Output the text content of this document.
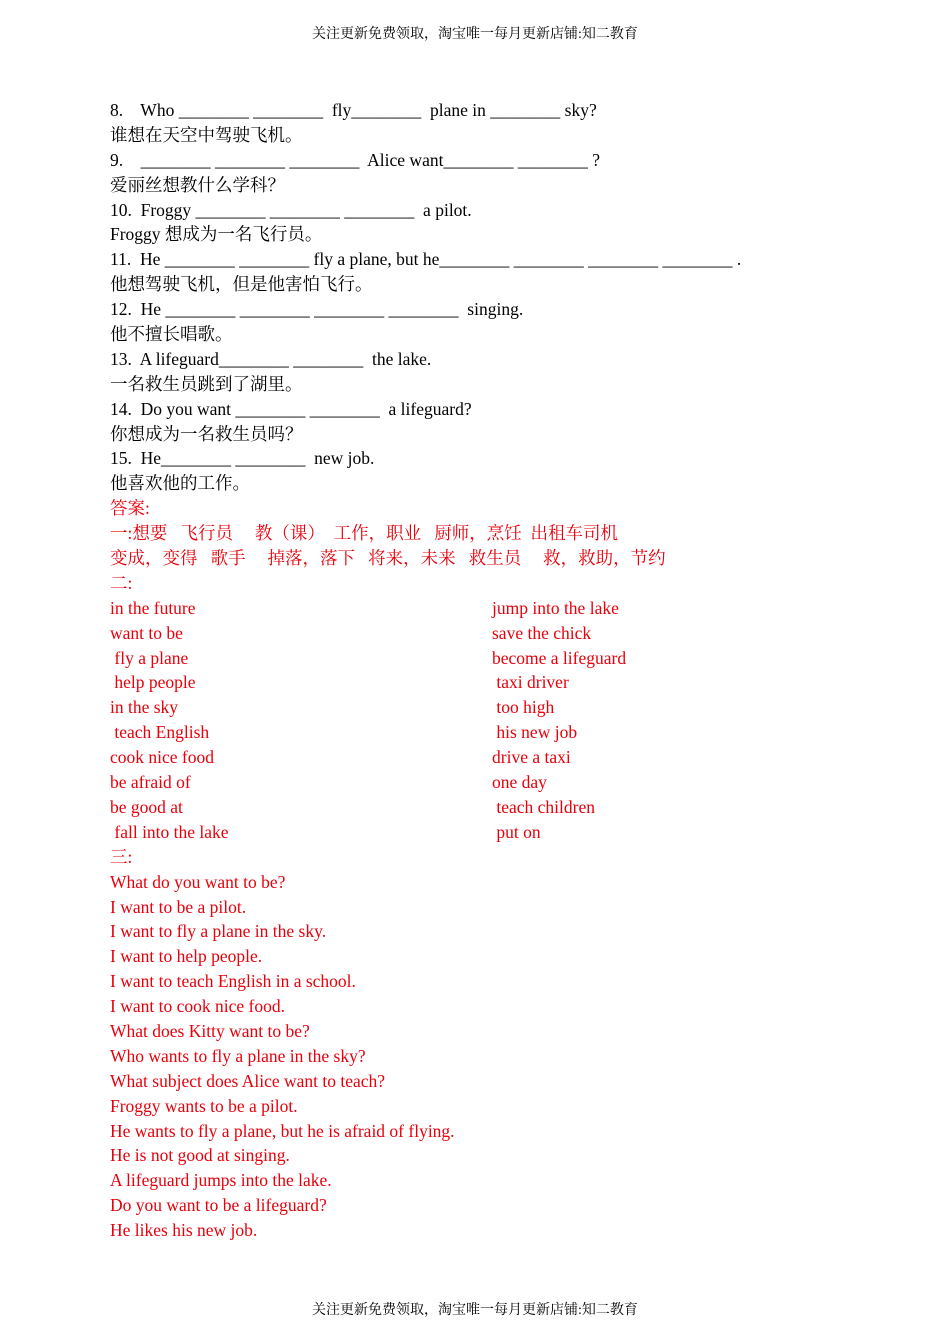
关注更新免费领取，淘宝唯一每月更新店铺:知二教育
8.    Who ________ ________  fly________  plane in ________ sky?
谁想在天空中驾驶飞机。
9.    ________ ________ ________  Alice want________ ________ ?
爱丽丝想教什么学科？
10.  Froggy ________ ________ ________  a pilot.
Froggy 想成为一名飞行员。
11.  He ________ ________ fly a plane, but he________ ________ ________ ________ .
他想驾驶飞机，但是他害怕飞行。
12.  He ________ ________ ________ ________  singing.
他不擅长唱歌。
13.  A lifeguard________ ________  the lake.
一名救生员跳到了湖里。
14.  Do you want ________ ________  a lifeguard?
你想成为一名救生员吗？
15.  He________ ________  new job.
他喜欢他的工作。
答案:
一:想要   飞行员     教（课）  工作，职业   厨师，烹饪  出租车司机
变成，变得   歌手     掉落，落下   将来，未来   救生员     救，救助，节约
二:
in the future	jump into the lake
want to be	save the chick
fly a plane	become a lifeguard
help people	taxi driver
in the sky	too high
teach English	his new job
cook nice food	drive a taxi
be afraid of	one day
be good at	teach children
fall into the lake	put on
三:
What do you want to be?
I want to be a pilot.
I want to fly a plane in the sky.
I want to help people.
I want to teach English in a school.
I want to cook nice food.
What does Kitty want to be?
Who wants to fly a plane in the sky?
What subject does Alice want to teach?
Froggy wants to be a pilot.
He wants to fly a plane, but he is afraid of flying.
He is not good at singing.
A lifeguard jumps into the lake.
Do you want to be a lifeguard?
He likes his new job.
关注更新免费领取，淘宝唯一每月更新店铺:知二教育
